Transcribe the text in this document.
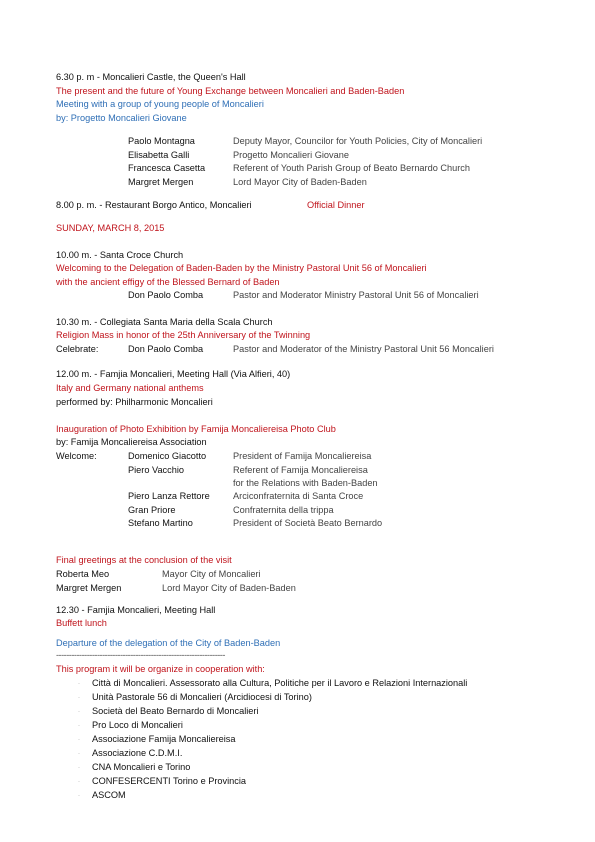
6.30 p. m - Moncalieri Castle, the Queen's Hall
The present and the future of Young Exchange between Moncalieri and Baden-Baden
Meeting with a group of young people of Moncalieri
by: Progetto Moncalieri Giovane
Paolo Montagna	Deputy Mayor, Councilor for Youth Policies, City of Moncalieri
Elisabetta Galli	Progetto Moncalieri Giovane
Francesca Casetta	Referent of Youth Parish Group of Beato Bernardo Church
Margret Mergen	Lord Mayor City of Baden-Baden
8.00 p. m. - Restaurant Borgo Antico, Moncalieri	Official Dinner
SUNDAY, MARCH 8, 2015
10.00 m. - Santa Croce Church
Welcoming to the Delegation of Baden-Baden by the Ministry Pastoral Unit 56 of Moncalieri
with the ancient effigy of the Blessed Bernard of Baden
Don Paolo Comba	Pastor and Moderator Ministry Pastoral Unit 56 of Moncalieri
10.30 m. - Collegiata Santa Maria della Scala Church
Religion Mass in honor of the 25th Anniversary of the Twinning
Celebrate:	Don Paolo Comba	Pastor and Moderator of the Ministry Pastoral Unit 56 Moncalieri
12.00 m. - Famjia Moncalieri, Meeting Hall (Via Alfieri, 40)
Italy and Germany national anthems
performed by: Philharmonic Moncalieri
Inauguration of Photo Exhibition by Famija Moncaliereisa Photo Club
by: Famija Moncaliereisa Association
Welcome:	Domenico Giacotto	President of Famija Moncaliereisa
Piero Vacchio	Referent of Famija Moncaliereisa
for the Relations with Baden-Baden
Piero Lanza Rettore	Arciconfraternita di Santa Croce
Gran Priore	Confraternita della trippa
Stefano Martino	President of Società Beato Bernardo
Final greetings at the conclusion of the visit
Roberta Meo	Mayor City of Moncalieri
Margret Mergen	Lord Mayor City of Baden-Baden
12.30 - Famjia Moncalieri, Meeting Hall
Buffett lunch
Departure of the delegation of the City of Baden-Baden
------------------------------------------------------------------
This program it will be organize in cooperation with:
· Città di Moncalieri. Assessorato alla Cultura, Politiche per il Lavoro e Relazioni Internazionali
· Unità Pastorale 56 di Moncalieri (Arcidiocesi di Torino)
· Società del Beato Bernardo di Moncalieri
· Pro Loco di Moncalieri
· Associazione Famija Moncaliereisa
· Associazione C.D.M.I.
· CNA Moncalieri e Torino
· CONFESERCENTI Torino e Provincia
· ASCOM
